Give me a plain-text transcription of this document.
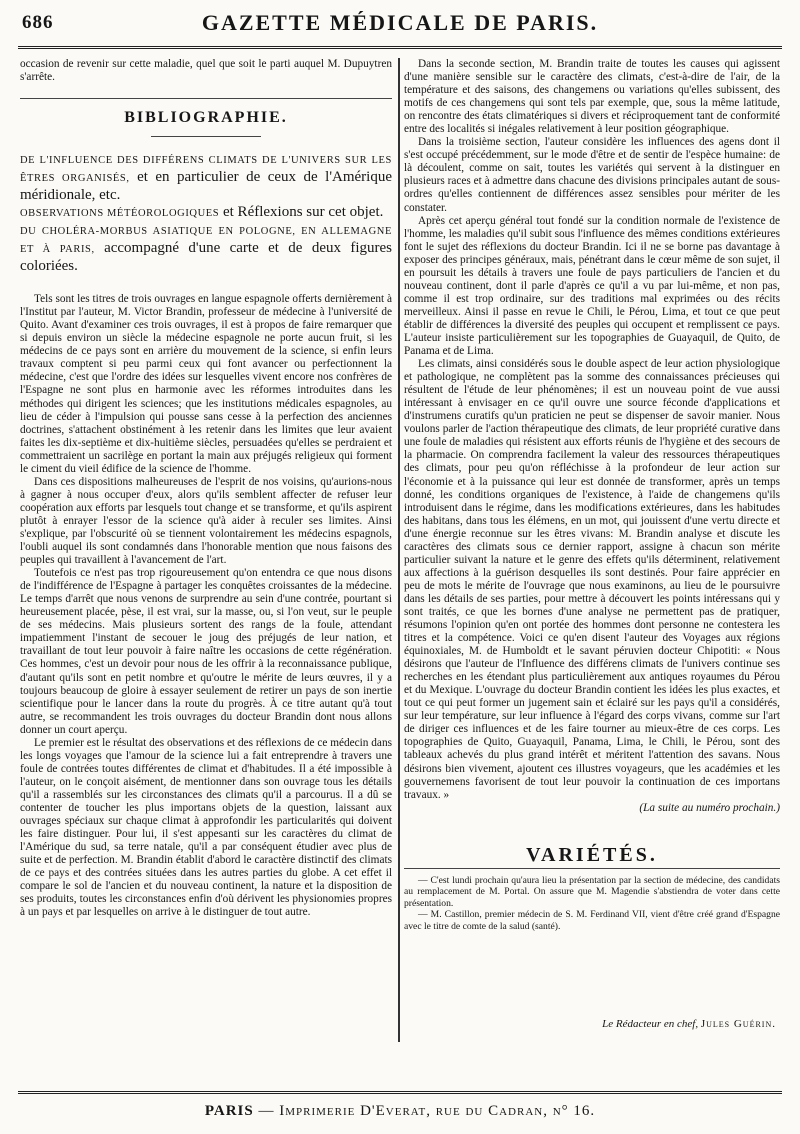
686	GAZETTE MÉDICALE DE PARIS.

occasion de revenir sur cette maladie, quel que soit le parti auquel M. Dupuytren s'arrête.

BIBLIOGRAPHIE.

DE L'INFLUENCE DES DIFFÉRENS CLIMATS DE L'UNIVERS SUR LES ÊTRES ORGANISÉS, et en particulier de ceux de l'Amérique méridionale, etc.

OBSERVATIONS MÉTÉOROLOGIQUES et Réflexions sur cet objet.

DU CHOLÉRA-MORBUS ASIATIQUE EN POLOGNE, EN ALLEMAGNE ET À PARIS, accompagné d'une carte et de deux figures coloriées.

Tels sont les titres de trois ouvrages en langue espagnole offerts dernièrement à l'Institut par l'auteur, M. Victor Brandin, professeur de médecine à l'université de Quito. Avant d'examiner ces trois ouvrages, il est à propos de faire remarquer que si depuis environ un siècle la médecine espagnole ne porte aucun fruit, si les médecins de ce pays sont en arrière du mouvement de la science, si enfin leurs travaux comptent si peu parmi ceux qui font avancer ou perfectionnent la médecine, c'est que l'ordre des idées sur lesquelles vivent encore nos confrères de l'Espagne ne sont plus en harmonie avec les réformes introduites dans les méthodes qui dirigent les sciences; que les institutions médicales espagnoles, au lieu de céder à l'impulsion qui pousse sans cesse à la perfection des anciennes doctrines, s'attachent obstinément à les retenir dans les limites que leur avaient faites les dix-septième et dix-huitième siècles, persuadées qu'elles se perdraient et commettraient un sacrilège en portant la main aux préjugés religieux qui forment le ciment du vieil édifice de la science de l'homme.

Dans ces dispositions malheureuses de l'esprit de nos voisins, qu'aurions-nous à gagner à nous occuper d'eux, alors qu'ils semblent affecter de refuser leur coopération aux efforts par lesquels tout change et se transforme, et qu'ils aspirent plutôt à enrayer l'essor de la science qu'à aider à reculer ses limites. Ainsi s'explique, par l'obscurité où se tiennent volontairement les médecins espagnols, l'oubli auquel ils sont condamnés dans l'honorable mention que nous faisons des peuples qui travaillent à l'avancement de l'art.

Toutefois ce n'est pas trop rigoureusement qu'on entendra ce que nous disons de l'indifférence de l'Espagne à partager les conquêtes croissantes de la médecine. Le temps d'arrêt que nous venons de surprendre au sein d'une contrée, pourtant si heureusement placée, pèse, il est vrai, sur la masse, ou, si l'on veut, sur le peuple de ses médecins. Mais plusieurs sortent des rangs de la foule, attendant impatiemment l'instant de secouer le joug des préjugés de leur nation, et travaillant de tout leur pouvoir à faire naître les occasions de cette régénération. Ces hommes, c'est un devoir pour nous de les offrir à la reconnaissance publique, d'autant qu'ils sont en petit nombre et qu'outre le mérite de leurs œuvres, il y a toujours beaucoup de gloire à essayer seulement de retirer un pays de son inertie scientifique pour le lancer dans la route du progrès. À ce titre autant qu'à tout autre, se recommandent les trois ouvrages du docteur Brandin dont nous allons donner un court aperçu.

Le premier est le résultat des observations et des réflexions de ce médecin dans les longs voyages que l'amour de la science lui a fait entreprendre à travers une foule de contrées toutes différentes de climat et d'habitudes. Il a été impossible à l'auteur, on le conçoit aisément, de mentionner dans son ouvrage tous les détails qu'il a rassemblés sur les circonstances des climats qu'il a parcourus. Il a dû se contenter de toucher les plus importans objets de la question, laissant aux ouvrages spéciaux sur chaque climat à approfondir les particularités qui doivent les faire distinguer. Pour lui, il s'est appesanti sur les caractères du climat de l'Amérique du sud, sa terre natale, qu'il a par conséquent étudier avec plus de suite et de perfection. M. Brandin établit d'abord le caractère distinctif des climats de ce pays et des contrées situées dans les autres parties du globe. A cet effet il compare le sol de l'ancien et du nouveau continent, la nature et la disposition de ses produits, toutes les circonstances enfin d'où dérivent les physionomies propres à un pays et par lesquelles on arrive à le distinguer de tout autre.

Dans la seconde section, M. Brandin traite de toutes les causes qui agissent d'une manière sensible sur le caractère des climats, c'est-à-dire de l'air, de la température et des saisons, des changemens ou variations qu'elles subissent, des motifs de ces changemens qui sont tels par exemple, que, sous la même latitude, on rencontre des états climatériques si divers et réciproquement tant de conformité entre des localités si inégales relativement à leur position géographique.

Dans la troisième section, l'auteur considère les influences des agens dont il s'est occupé précédemment, sur le mode d'être et de sentir de l'espèce humaine: de là découlent, comme on sait, toutes les variétés qui servent à la distinguer en plusieurs races et à admettre dans chacune des divisions principales autant de sous-ordres qu'elles contiennent de différences assez sensibles pour mériter de les constater.

Après cet aperçu général tout fondé sur la condition normale de l'existence de l'homme, les maladies qu'il subit sous l'influence des mêmes conditions extérieures font le sujet des réflexions du docteur Brandin. Ici il ne se borne pas davantage à exposer des principes généraux, mais, pénétrant dans le cœur même de son sujet, il en poursuit les détails à travers une foule de pays particuliers de l'ancien et du nouveau continent, dont il parle d'après ce qu'il a vu par lui-même, et non pas, comme il est trop ordinaire, sur des traditions mal exprimées ou des récits merveilleux. Ainsi il passe en revue le Chili, le Pérou, Lima, et tout ce que peut établir de différences la diversité des peuples qui occupent et remplissent ce pays. L'auteur insiste particulièrement sur les topographies de Guayaquil, de Quito, de Panama et de Lima.

Les climats, ainsi considérés sous le double aspect de leur action physiologique et pathologique, ne complètent pas la somme des connaissances précieuses qui résultent de l'étude de leur phénomènes; il est un nouveau point de vue aussi intéressant à envisager en ce qu'il ouvre une source féconde d'applications et d'instrumens curatifs qu'un praticien ne peut se dispenser de savoir manier. Nous voulons parler de l'action thérapeutique des climats, de leur propriété curative dans une foule de maladies qui résistent aux efforts réunis de l'hygiène et des secours de la pharmacie. On comprendra facilement la valeur des ressources thérapeutiques des climats, pour peu qu'on réfléchisse à la profondeur de leur action sur l'économie et à la puissance qui leur est donnée de transformer, après un temps donné, les conditions organiques de l'existence, à l'aide de changemens qu'ils introduisent dans le régime, dans les modifications extérieures, dans les habitudes des habitans, dans tous les élémens, en un mot, qui jouissent d'une vertu directe et d'une énergie reconnue sur les êtres vivans: M. Brandin analyse et discute les caractères des climats sous ce dernier rapport, assigne à chacun son mérite particulier suivant la nature et le genre des effets qu'ils déterminent, relativement aux affections à la guérison desquelles ils sont destinés. Pour faire apprécier en peu de mots le mérite de l'ouvrage que nous examinons, au lieu de le poursuivre dans les détails de ses parties, pour mettre à découvert les points intéressans qui y sont traités, ce que les bornes d'une analyse ne permettent pas de pratiquer, résumons l'opinion qu'en ont portée des hommes dont personne ne contestera les titres et la compétence. Voici ce qu'en disent l'auteur des Voyages aux régions équinoxiales, M. de Humboldt et le savant péruvien docteur Chipotiti: « Nous désirons que l'auteur de l'Influence des différens climats de l'univers continue ses recherches en les étendant plus particulièrement aux antiques royaumes du Pérou et du Mexique. L'ouvrage du docteur Brandin contient les idées les plus exactes, et tout ce qui peut former un jugement sain et éclairé sur les pays qu'il a considérés, sur leur température, sur leur influence à l'égard des corps vivans, comme sur l'art de diriger ces influences et de les faire tourner au mieux-être de ces corps. Les topographies de Quito, Guayaquil, Panama, Lima, le Chili, le Pérou, sont des tableaux achevés du plus grand intérêt et méritent l'attention des savans. Nous désirons bien vivement, ajoutent ces illustres voyageurs, que les académies et les gouvernemens favorisent de tout leur pouvoir la continuation de ces importans travaux. »

(La suite au numéro prochain.)

VARIÉTÉS.

— C'est lundi prochain qu'aura lieu la présentation par la section de médecine, des candidats au remplacement de M. Portal. On assure que M. Magendie s'abstiendra de voter dans cette présentation.

— M. Castillon, premier médecin de S. M. Ferdinand VII, vient d'être créé grand d'Espagne avec le titre de comte de la salud (santé).

Le Rédacteur en chef, Jules Guérin.
PARIS — Imprimerie D'Everat, rue du Cadran, n° 16.
